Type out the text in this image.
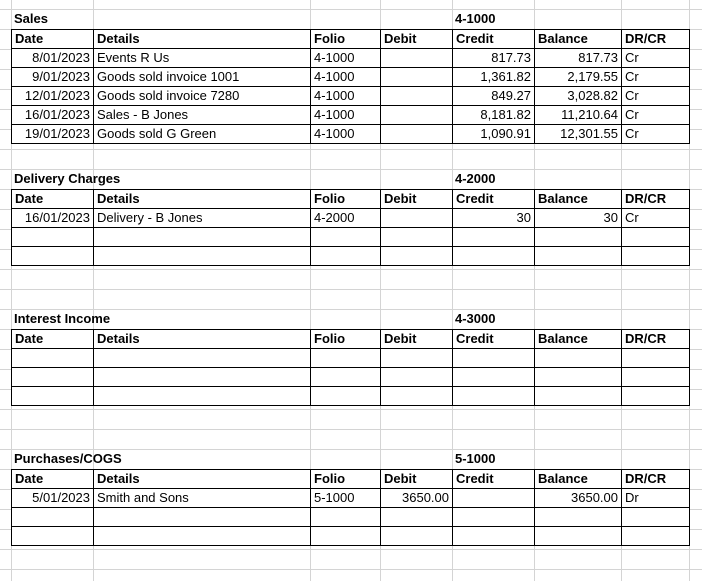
Sales	4-1000
Date	Details	Folio	Debit	Credit	Balance	DR/CR
8/01/2023	Events R Us	4-1000		817.73	817.73	Cr
9/01/2023	Goods sold invoice 1001	4-1000		1,361.82	2,179.55	Cr
12/01/2023	Goods sold invoice 7280	4-1000		849.27	3,028.82	Cr
16/01/2023	Sales - B Jones	4-1000		8,181.82	11,210.64	Cr
19/01/2023	Goods sold G Green	4-1000		1,090.91	12,301.55	Cr
Delivery Charges	4-2000
Date	Details	Folio	Debit	Credit	Balance	DR/CR
16/01/2023	Delivery - B Jones	4-2000		30	30	Cr

Interest Income	4-3000
Date	Details	Folio	Debit	Credit	Balance	DR/CR

Purchases/COGS	5-1000
Date	Details	Folio	Debit	Credit	Balance	DR/CR
5/01/2023	Smith and Sons	5-1000	3650.00		3650.00	Dr
